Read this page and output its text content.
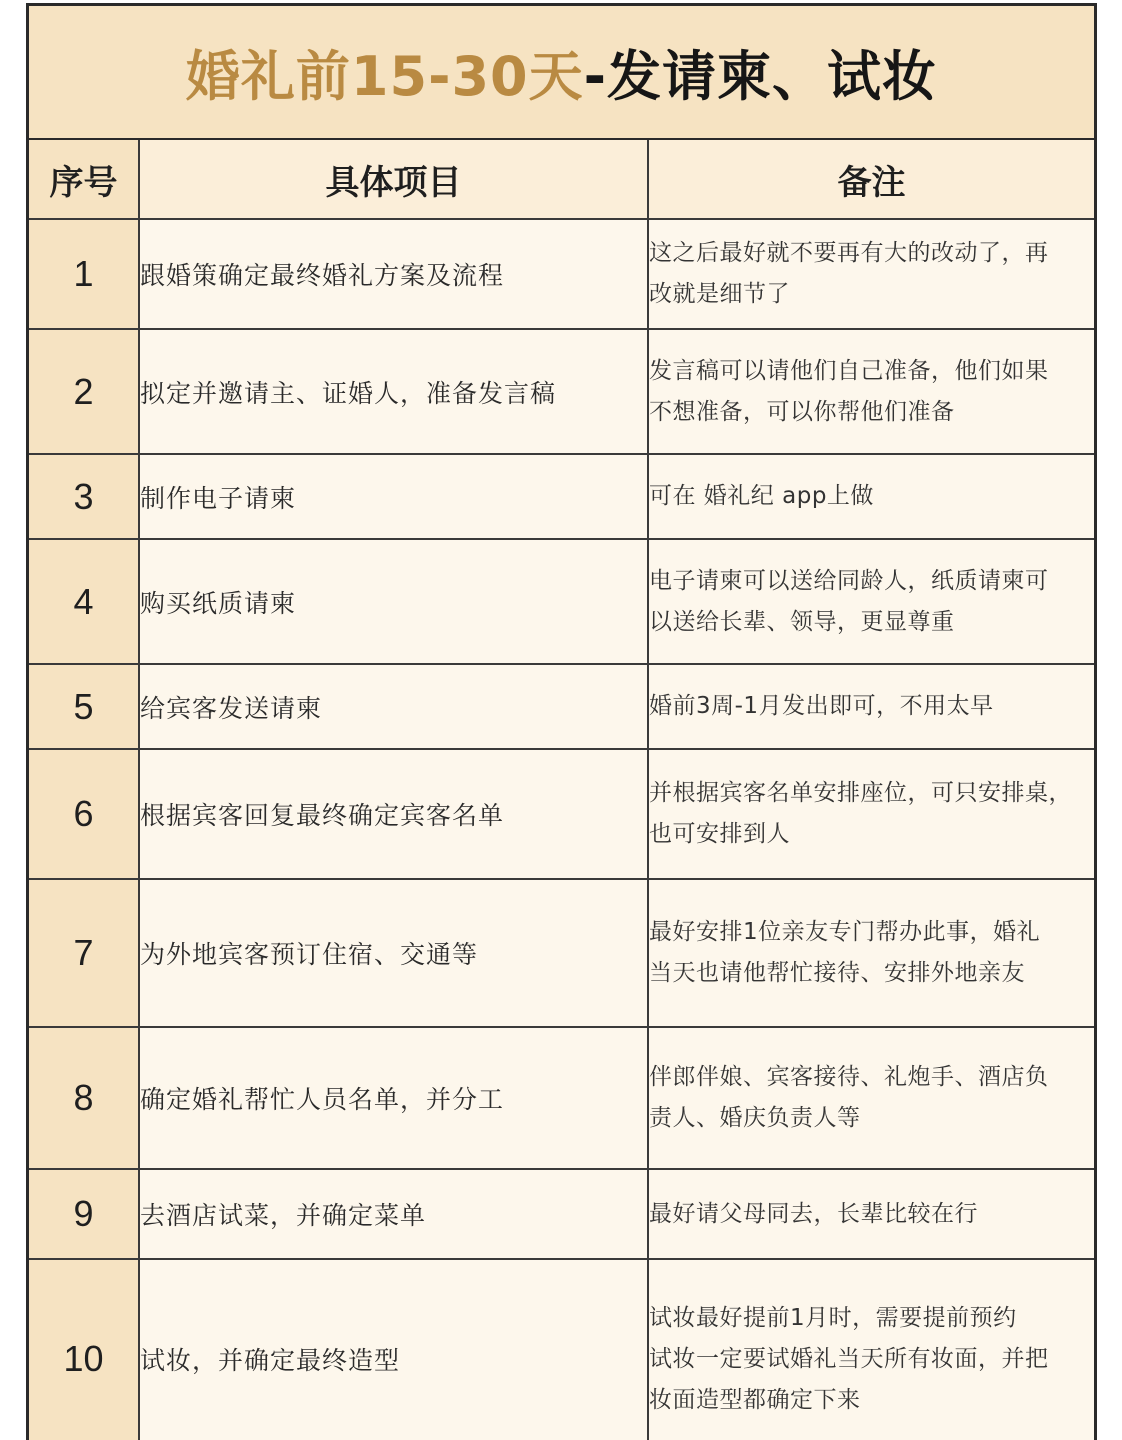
婚礼前15-30天-发请柬、试妆
序号	具体项目	备注
1	跟婚策确定最终婚礼方案及流程	这之后最好就不要再有大的改动了，再
改就是细节了

2	拟定并邀请主、证婚人，准备发言稿	发言稿可以请他们自己准备，他们如果
不想准备，可以你帮他们准备

3	制作电子请柬	可在 婚礼纪 app上做

4	购买纸质请柬	电子请柬可以送给同龄人，纸质请柬可
以送给长辈、领导，更显尊重

5	给宾客发送请柬	婚前3周-1月发出即可，不用太早

6	根据宾客回复最终确定宾客名单	并根据宾客名单安排座位，可只安排桌，
也可安排到人

7	为外地宾客预订住宿、交通等	最好安排1位亲友专门帮办此事，婚礼
当天也请他帮忙接待、安排外地亲友

8	确定婚礼帮忙人员名单，并分工	伴郎伴娘、宾客接待、礼炮手、酒店负
责人、婚庆负责人等

9	去酒店试菜，并确定菜单	最好请父母同去，长辈比较在行

10	试妆，并确定最终造型	试妆最好提前1月时，需要提前预约
试妆一定要试婚礼当天所有妆面，并把
妆面造型都确定下来
